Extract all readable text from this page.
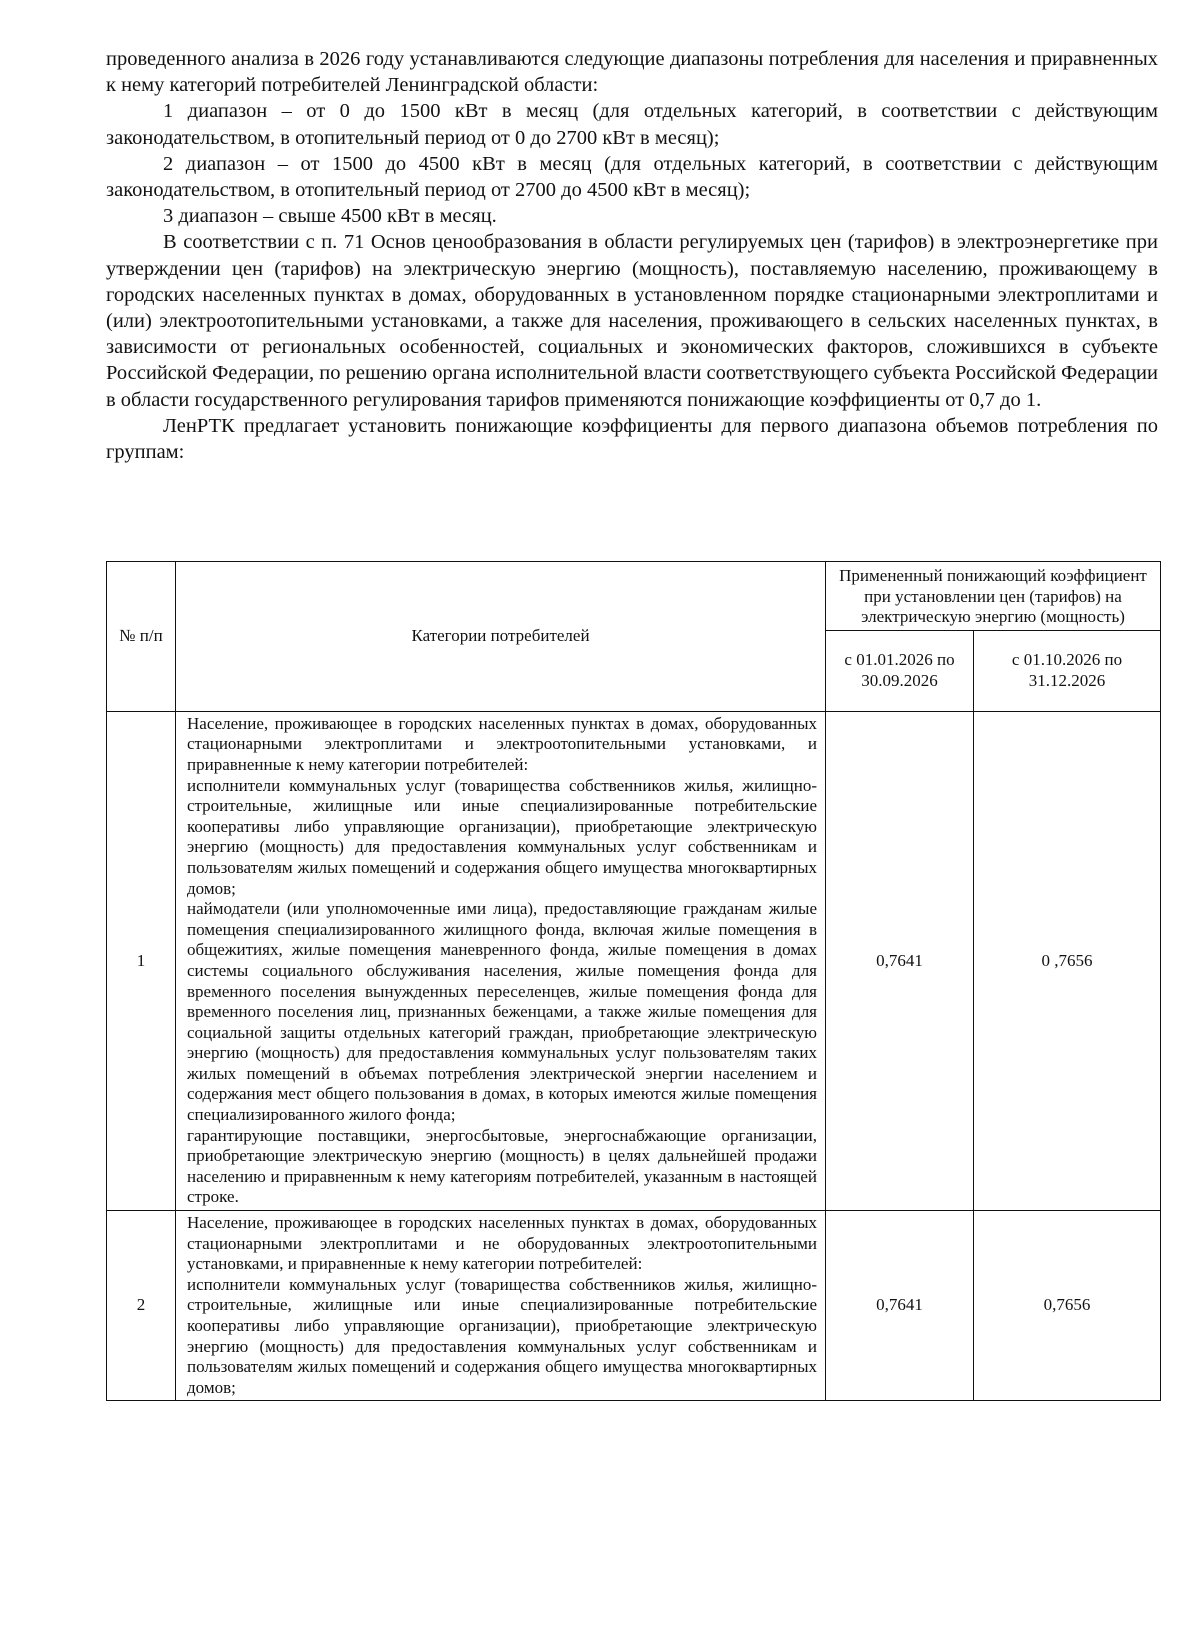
проведенного анализа в 2026 году устанавливаются следующие диапазоны потребления для населения и приравненных к нему категорий потребителей Ленинградской области:

1 диапазон – от 0 до 1500 кВт в месяц (для отдельных категорий, в соответствии с действующим законодательством, в отопительный период от 0 до 2700 кВт в месяц);

2 диапазон – от 1500 до 4500 кВт в месяц (для отдельных категорий, в соответствии с действующим законодательством, в отопительный период от 2700 до 4500 кВт в месяц);

3 диапазон – свыше 4500 кВт в месяц.

В соответствии с п. 71 Основ ценообразования в области регулируемых цен (тарифов) в электроэнергетике при утверждении цен (тарифов) на электрическую энергию (мощность), поставляемую населению, проживающему в городских населенных пунктах в домах, оборудованных в установленном порядке стационарными электроплитами и (или) электроотопительными установками, а также для населения, проживающего в сельских населенных пунктах, в зависимости от региональных особенностей, социальных и экономических факторов, сложившихся в субъекте Российской Федерации, по решению органа исполнительной власти соответствующего субъекта Российской Федерации в области государственного регулирования тарифов применяются понижающие коэффициенты от 0,7 до 1.

ЛенРТК предлагает установить понижающие коэффициенты для первого диапазона объемов потребления по группам:

№ п/п	Категории потребителей	Примененный понижающий коэффициент при установлении цен (тарифов) на электрическую энергию (мощность)	
		с 01.01.2026 по 30.09.2026	с 01.10.2026 по 31.12.2026
1	Население, проживающее в городских населенных пунктах в домах, оборудованных стационарными электроплитами и электроотопительными установками, и приравненные к нему категории потребителей:

исполнители коммунальных услуг (товарищества собственников жилья, жилищно-строительные, жилищные или иные специализированные потребительские кооперативы либо управляющие организации), приобретающие электрическую энергию (мощность) для предоставления коммунальных услуг собственникам и пользователям жилых помещений и содержания общего имущества многоквартирных домов;

наймодатели (или уполномоченные ими лица), предоставляющие гражданам жилые помещения специализированного жилищного фонда, включая жилые помещения в общежитиях, жилые помещения маневренного фонда, жилые помещения в домах системы социального обслуживания населения, жилые помещения фонда для временного поселения вынужденных переселенцев, жилые помещения фонда для временного поселения лиц, признанных беженцами, а также жилые помещения для социальной защиты отдельных категорий граждан, приобретающие электрическую энергию (мощность) для предоставления коммунальных услуг пользователям таких жилых помещений в объемах потребления электрической энергии населением и содержания мест общего пользования в домах, в которых имеются жилые помещения специализированного жилого фонда;

гарантирующие поставщики, энергосбытовые, энергоснабжающие организации, приобретающие электрическую энергию (мощность) в целях дальнейшей продажи населению и приравненным к нему категориям потребителей, указанным в настоящей строке.	0,7641	0 ,7656
2	Население, проживающее в городских населенных пунктах в домах, оборудованных стационарными электроплитами и не оборудованных электроотопительными установками, и приравненные к нему категории потребителей:

исполнители коммунальных услуг (товарищества собственников жилья, жилищно-строительные, жилищные или иные специализированные потребительские кооперативы либо управляющие организации), приобретающие электрическую энергию (мощность) для предоставления коммунальных услуг собственникам и пользователям жилых помещений и содержания общего имущества многоквартирных домов;	0,7641	0,7656
